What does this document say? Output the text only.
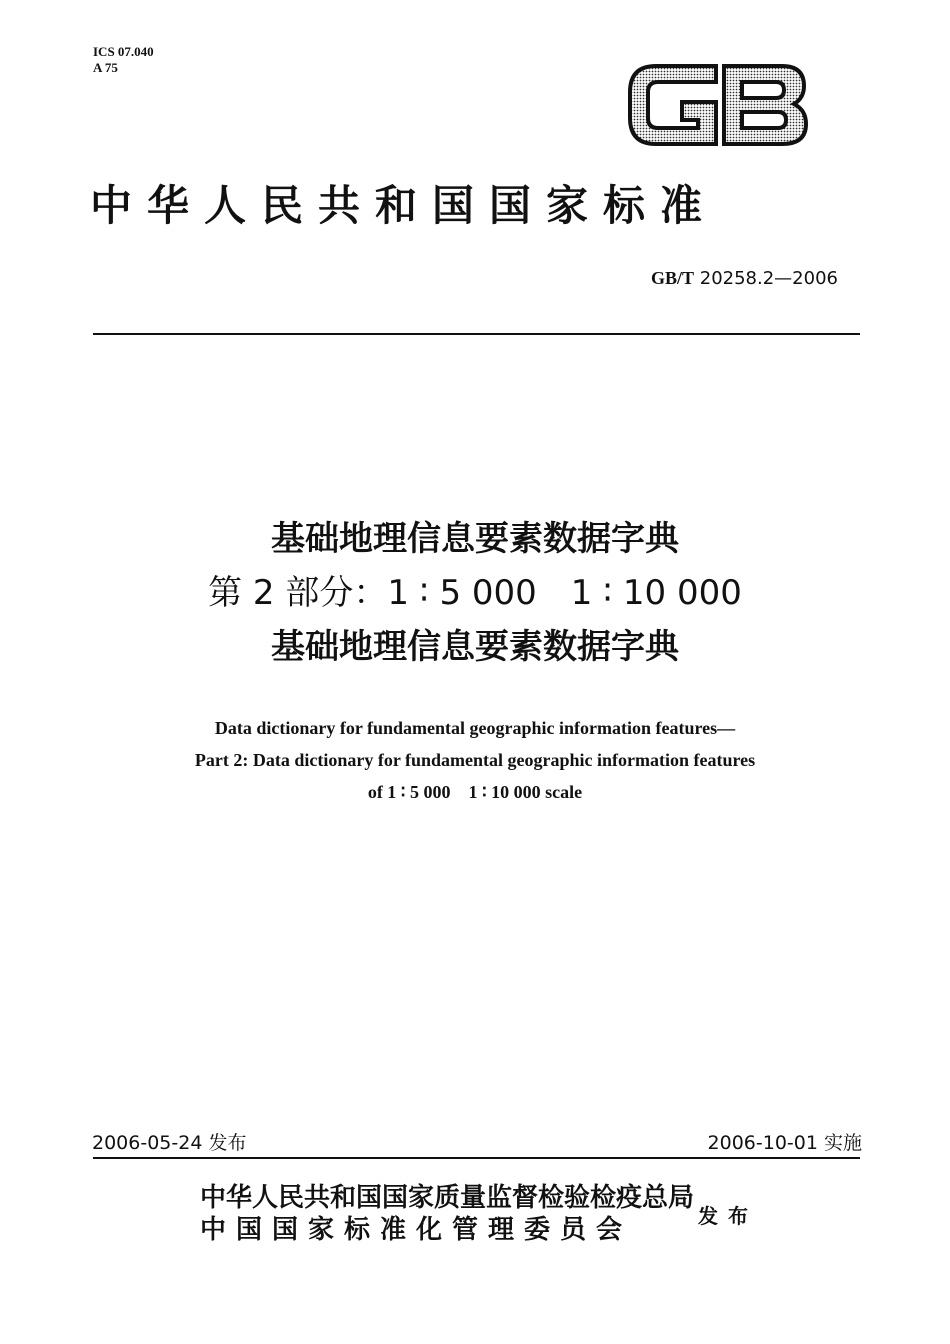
ICS 07.040
A 75
中华人民共和国国家标准
GB/T 20258.2—2006
基础地理信息要素数据字典
第 2 部分：1 ∶ 5 000　1 ∶ 10 000
基础地理信息要素数据字典
Data dictionary for fundamental geographic information features—
Part 2: Data dictionary for fundamental geographic information features
of 1 ∶ 5 000　1 ∶ 10 000 scale
2006-05-24 发布	2006-10-01 实施
中华人民共和国国家质量监督检验检疫总局
中国国家标准化管理委员会	发布
